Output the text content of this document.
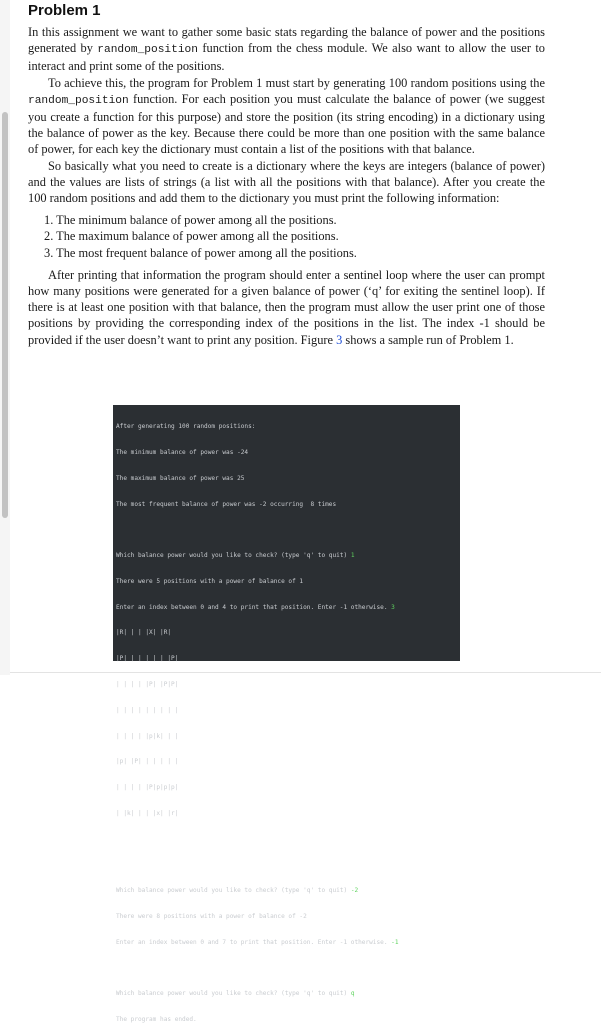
Problem 1

In this assignment we want to gather some basic stats regarding the balance of power and the positions generated by random_position function from the chess module. We also want to allow the user to interact and print some of the positions.

To achieve this, the program for Problem 1 must start by generating 100 random positions using the random_position function. For each position you must calculate the balance of power (we suggest you create a function for this purpose) and store the position (its string encoding) in a dictionary using the balance of power as the key. Because there could be more than one position with the same balance of power, for each key the dictionary must contain a list of the positions with that balance.

So basically what you need to create is a dictionary where the keys are integers (balance of power) and the values are lists of strings (a list with all the positions with that balance). After you create the 100 random positions and add them to the dictionary you must print the following information:

1. The minimum balance of power among all the positions.
2. The maximum balance of power among all the positions.
3. The most frequent balance of power among all the positions.

After printing that information the program should enter a sentinel loop where the user can prompt how many positions were generated for a given balance of power (‘q’ for exiting the sentinel loop). If there is at least one position with that balance, then the program must allow the user print one of those positions by providing the corresponding index of the positions in the list. The index -1 should be provided if the user doesn’t want to print any position. Figure 3 shows a sample run of Problem 1.

After generating 100 random positions:

The minimum balance of power was -24

The maximum balance of power was 25

The most frequent balance of power was -2 occurring  8 times

Which balance power would you like to check? (type 'q' to quit) 1

There were 5 positions with a power of balance of 1

Enter an index between 0 and 4 to print that position. Enter -1 otherwise. 3

|R| | | |X| |R|

|P| | | | | | |P|

| | | | |P| |P|P|

| | | | | | | | |

| | | | |p|k| | |

|p| |P| | | | | |

| | | | |P|p|p|p|

| |k| | | |x| |r|

Which balance power would you like to check? (type 'q' to quit) -2

There were 8 positions with a power of balance of -2

Enter an index between 0 and 7 to print that position. Enter -1 otherwise. -1

Which balance power would you like to check? (type 'q' to quit) q

The program has ended.
